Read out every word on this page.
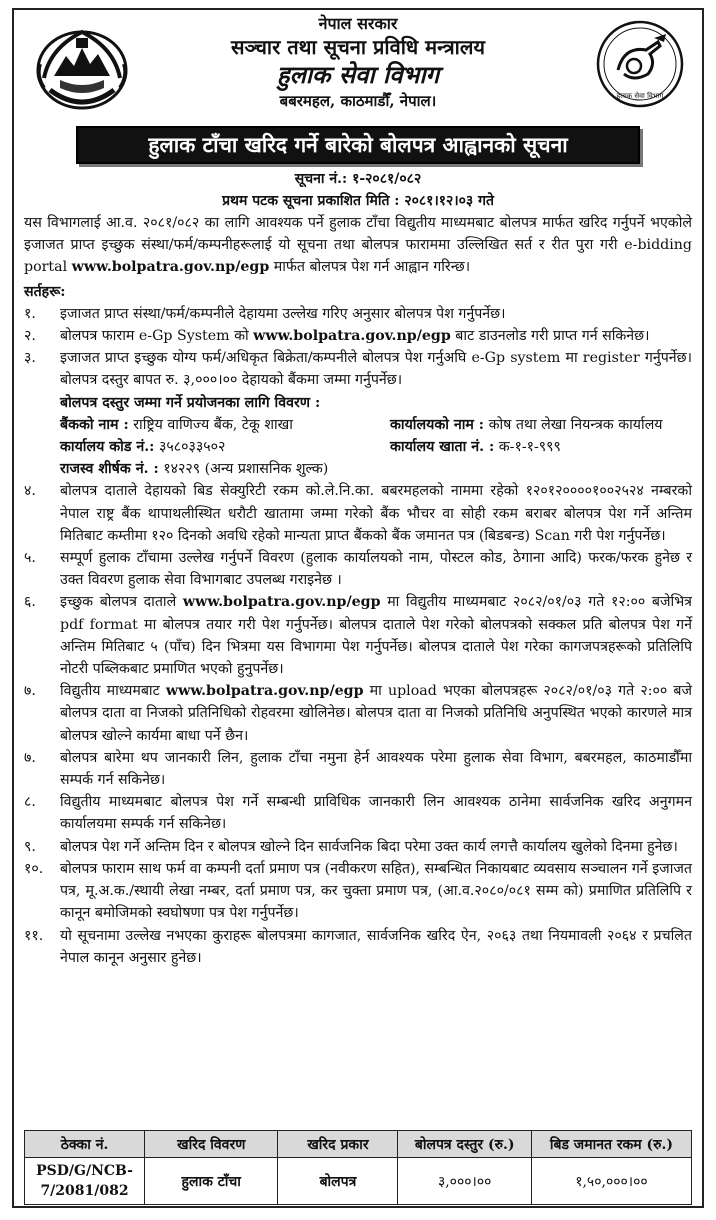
नेपाल सरकार
सञ्चार तथा सूचना प्रविधि मन्त्रालय
हुलाक सेवा विभाग
बबरमहल, काठमाडौँ, नेपाल।	हुलाक सेवा विभाग
हुलाक टाँचा खरिद गर्ने बारेको बोलपत्र आह्वानको सूचना
सूचना नं.: १-२०८१/०८२
प्रथम पटक सूचना प्रकाशित मिति : २०८१।१२।०३ गते

यस विभागलाई आ.व. २०८१/०८२ का लागि आवश्यक पर्ने हुलाक टाँचा विद्युतीय माध्यमबाट बोलपत्र मार्फत खरिद गर्नुपर्ने भएकोले इजाजत प्राप्त इच्छुक संस्था/फर्म/कम्पनीहरूलाई यो सूचना तथा बोलपत्र फाराममा उल्लिखित सर्त र रीत पुरा गरी e-bidding portal www.bolpatra.gov.np/egp मार्फत बोलपत्र पेश गर्न आह्वान गरिन्छ।

सर्तहरू:
१.	इजाजत प्राप्त संस्था/फर्म/कम्पनीले देहायमा उल्लेख गरिए अनुसार बोलपत्र पेश गर्नुपर्नेछ।
२.	बोलपत्र फाराम e-Gp System को www.bolpatra.gov.np/egp बाट डाउनलोड गरी प्राप्त गर्न सकिनेछ।
३.	इजाजत प्राप्त इच्छुक योग्य फर्म/अधिकृत बिक्रेता/कम्पनीले बोलपत्र पेश गर्नुअघि e-Gp system मा register गर्नुपर्नेछ। बोलपत्र दस्तुर बापत रु. ३,०००।०० देहायको बैंकमा जम्मा गर्नुपर्नेछ।
बोलपत्र दस्तुर जम्मा गर्ने प्रयोजनका लागि विवरण :
बैंकको नाम : राष्ट्रिय वाणिज्य बैंक, टेकू शाखा	कार्यालयको नाम : कोष तथा लेखा नियन्त्रक कार्यालय
कार्यालय कोड नं.: ३५८०३३५०२	कार्यालय खाता नं. : क-१-१-९९९
राजस्व शीर्षक नं. : १४२२९ (अन्य प्रशासनिक शुल्क)
४.	बोलपत्र दाताले देहायको बिड सेक्युरिटी रकम को.ले.नि.का. बबरमहलको नाममा रहेको १२०१२००००१००२५२४ नम्बरको नेपाल राष्ट्र बैंक थापाथलीस्थित धरौटी खातामा जम्मा गरेको बैंक भौचर वा सोही रकम बराबर बोलपत्र पेश गर्ने अन्तिम मितिबाट कम्तीमा १२० दिनको अवधि रहेको मान्यता प्राप्त बैंकको बैंक जमानत पत्र (बिडबन्ड) Scan गरी पेश गर्नुपर्नेछ।
५.	सम्पूर्ण हुलाक टाँचामा उल्लेख गर्नुपर्ने विवरण (हुलाक कार्यालयको नाम, पोस्टल कोड, ठेगाना आदि) फरक/फरक हुनेछ र उक्त विवरण हुलाक सेवा विभागबाट उपलब्ध गराइनेछ ।
६.	इच्छुक बोलपत्र दाताले www.bolpatra.gov.np/egp मा विद्युतीय माध्यमबाट २०८२/०१/०३ गते १२:०० बजेभित्र pdf format मा बोलपत्र तयार गरी पेश गर्नुपर्नेछ। बोलपत्र दाताले पेश गरेको बोलपत्रको सक्कल प्रति बोलपत्र पेश गर्ने अन्तिम मितिबाट ५ (पाँच) दिन भित्रमा यस विभागमा पेश गर्नुपर्नेछ। बोलपत्र दाताले पेश गरेका कागजपत्रहरूको प्रतिलिपि नोटरी पब्लिकबाट प्रमाणित भएको हुनुपर्नेछ।
७.	विद्युतीय माध्यमबाट www.bolpatra.gov.np/egp मा upload भएका बोलपत्रहरू २०८२/०१/०३ गते २:०० बजे बोलपत्र दाता वा निजको प्रतिनिधिको रोहवरमा खोलिनेछ। बोलपत्र दाता वा निजको प्रतिनिधि अनुपस्थित भएको कारणले मात्र बोलपत्र खोल्ने कार्यमा बाधा पर्ने छैन।
७.	बोलपत्र बारेमा थप जानकारी लिन, हुलाक टाँचा नमुना हेर्न आवश्यक परेमा हुलाक सेवा विभाग, बबरमहल, काठमाडौँमा सम्पर्क गर्न सकिनेछ।
८.	विद्युतीय माध्यमबाट बोलपत्र पेश गर्ने सम्बन्धी प्राविधिक जानकारी लिन आवश्यक ठानेमा सार्वजनिक खरिद अनुगमन कार्यालयमा सम्पर्क गर्न सकिनेछ।
९.	बोलपत्र पेश गर्ने अन्तिम दिन र बोलपत्र खोल्ने दिन सार्वजनिक बिदा परेमा उक्त कार्य लगत्तै कार्यालय खुलेको दिनमा हुनेछ।
१०.	बोलपत्र फाराम साथ फर्म वा कम्पनी दर्ता प्रमाण पत्र (नवीकरण सहित), सम्बन्धित निकायबाट व्यवसाय सञ्चालन गर्ने इजाजत पत्र, मू.अ.क./स्थायी लेखा नम्बर, दर्ता प्रमाण पत्र, कर चुक्ता प्रमाण पत्र, (आ.व.२०८०/०८१ सम्म को) प्रमाणित प्रतिलिपि र कानून बमोजिमको स्वघोषणा पत्र पेश गर्नुपर्नेछ।
११.	यो सूचनामा उल्लेख नभएका कुराहरू बोलपत्रमा कागजात, सार्वजनिक खरिद ऐन, २०६३ तथा नियमावली २०६४ र प्रचलित नेपाल कानून अनुसार हुनेछ।
ठेक्का नं.	खरिद विवरण	खरिद प्रकार	बोलपत्र दस्तुर (रु.)	बिड जमानत रकम (रु.)

PSD/G/NCB-
7/2081/082	हुलाक टाँचा	बोलपत्र	३,०००।००	१,५०,०००।००
